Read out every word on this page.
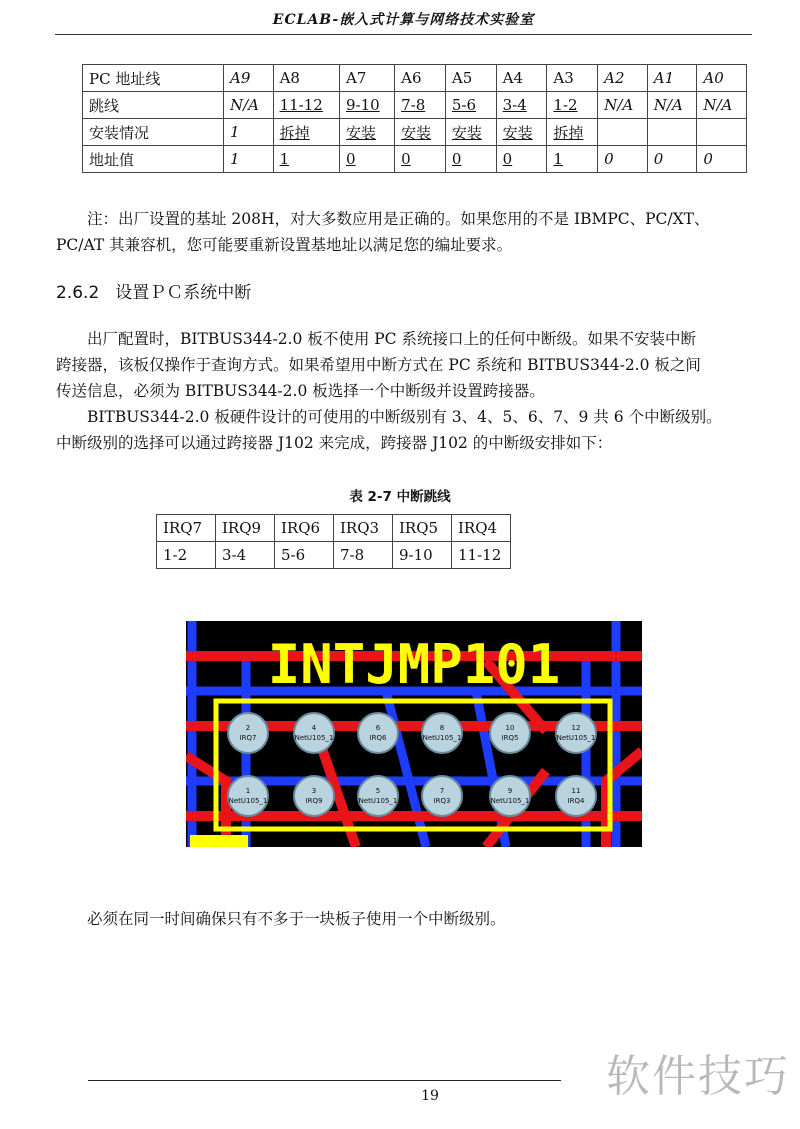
ECLAB-嵌入式计算与网络技术实验室
PC 地址线	A9	A8	A7	A6	A5	A4	A3	A2	A1	A0
跳线	N/A	11-12	9-10	7-8	5-6	3-4	1-2	N/A	N/A	N/A
安装情况	1	拆掉	安装	安装	安装	安装	拆掉			
地址值	1	1	0	0	0	0	1	0	0	0
注：出厂设置的基址 208H，对大多数应用是正确的。如果您用的不是 IBMPC、PC/XT、
PC/AT 其兼容机，您可能要重新设置基地址以满足您的编址要求。
2.6.2 设置ＰＣ系统中断
出厂配置时，BITBUS344-2.0 板不使用 PC 系统接口上的任何中断级。如果不安装中断
跨接器，该板仅操作于查询方式。如果希望用中断方式在 PC 系统和 BITBUS344-2.0 板之间
传送信息，必须为 BITBUS344-2.0 板选择一个中断级并设置跨接器。
BITBUS344-2.0 板硬件设计的可使用的中断级别有 3、4、5、6、7、9 共 6 个中断级别。
中断级别的选择可以通过跨接器 J102 来完成，跨接器 J102 的中断级安排如下：
表 2-7 中断跳线
IRQ7	IRQ9	IRQ6	IRQ3	IRQ5	IRQ4
1-2	3-4	5-6	7-8	9-10	11-12
INTJMP101
2
IRQ7
4
NetU105_1
6
IRQ6
8
NetU105_1
10
IRQ5
12
NetU105_1
1
NetU105_1
3
IRQ9
5
NetU105_1
7
IRQ3
9
NetU105_1
11
IRQ4
必须在同一时间确保只有不多于一块板子使用一个中断级别。
19	软件技巧
